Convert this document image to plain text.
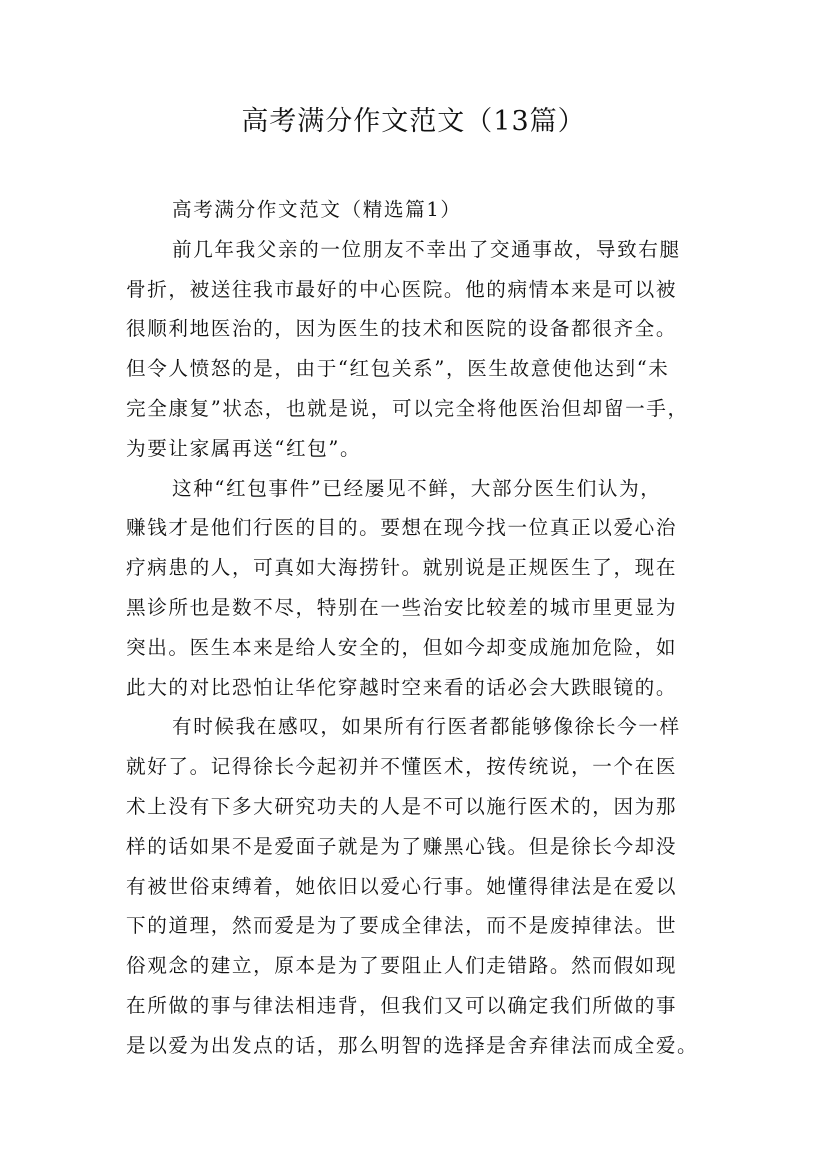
高考满分作文范文（13篇）
高考满分作文范文（精选篇1）
前几年我父亲的一位朋友不幸出了交通事故，导致右腿
骨折，被送往我市最好的中心医院。他的病情本来是可以被
很顺利地医治的，因为医生的技术和医院的设备都很齐全。
但令人愤怒的是，由于“红包关系”，医生故意使他达到“未
完全康复”状态，也就是说，可以完全将他医治但却留一手，
为要让家属再送“红包”。
这种“红包事件”已经屡见不鲜，大部分医生们认为，
赚钱才是他们行医的目的。要想在现今找一位真正以爱心治
疗病患的人，可真如大海捞针。就别说是正规医生了，现在
黑诊所也是数不尽，特别在一些治安比较差的城市里更显为
突出。医生本来是给人安全的，但如今却变成施加危险，如
此大的对比恐怕让华佗穿越时空来看的话必会大跌眼镜的。
有时候我在感叹，如果所有行医者都能够像徐长今一样
就好了。记得徐长今起初并不懂医术，按传统说，一个在医
术上没有下多大研究功夫的人是不可以施行医术的，因为那
样的话如果不是爱面子就是为了赚黑心钱。但是徐长今却没
有被世俗束缚着，她依旧以爱心行事。她懂得律法是在爱以
下的道理，然而爱是为了要成全律法，而不是废掉律法。世
俗观念的建立，原本是为了要阻止人们走错路。然而假如现
在所做的事与律法相违背，但我们又可以确定我们所做的事
是以爱为出发点的话，那么明智的选择是舍弃律法而成全爱。
